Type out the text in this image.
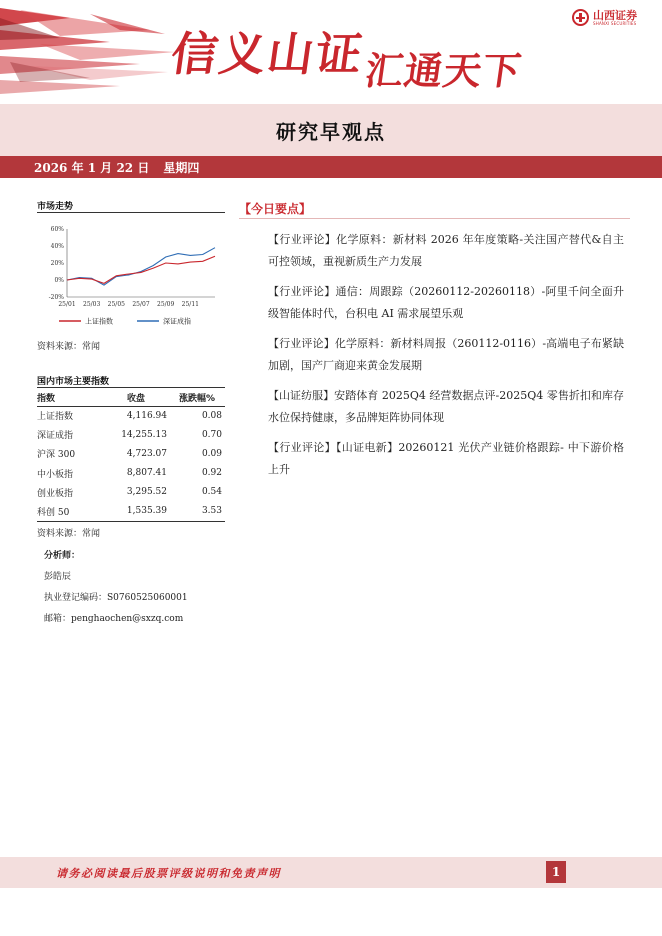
信义山证
汇通天下
山西证券
SHANXI SECURITIES
研究早观点
2026 年 1 月 22 日 星期四
市场走势
60%
40%
20%
0%
-20%
25/01 25/03 25/05 25/07 25/09 25/11
上证指数	深证成指
资料来源：常闻
国内市场主要指数
指数	收盘	涨跌幅%
上证指数	4,116.94	0.08
深证成指	14,255.13	0.70
沪深 300	4,723.07	0.09
中小板指	8,807.41	0.92
创业板指	3,295.52	0.54
科创 50	1,535.39	3.53
资料来源：常闻
分析师：
彭皓辰
执业登记编码：S0760525060001
邮箱：penghaochen@sxzq.com
【今日要点】

【行业评论】化学原料：新材料 2026 年年度策略-关注国产替代&自主可控领域，重视新质生产力发展

【行业评论】通信：周跟踪（20260112-20260118）-阿里千问全面升级智能体时代，台积电 AI 需求展望乐观

【行业评论】化学原料：新材料周报（260112-0116）-高端电子布紧缺加剧，国产厂商迎来黄金发展期

【山证纺服】安踏体育 2025Q4 经营数据点评-2025Q4 零售折扣和库存水位保持健康，多品牌矩阵协同体现

【行业评论】【山证电新】20260121 光伏产业链价格跟踪- 中下游价格上升

请务必阅读最后股票评级说明和免责声明	1
